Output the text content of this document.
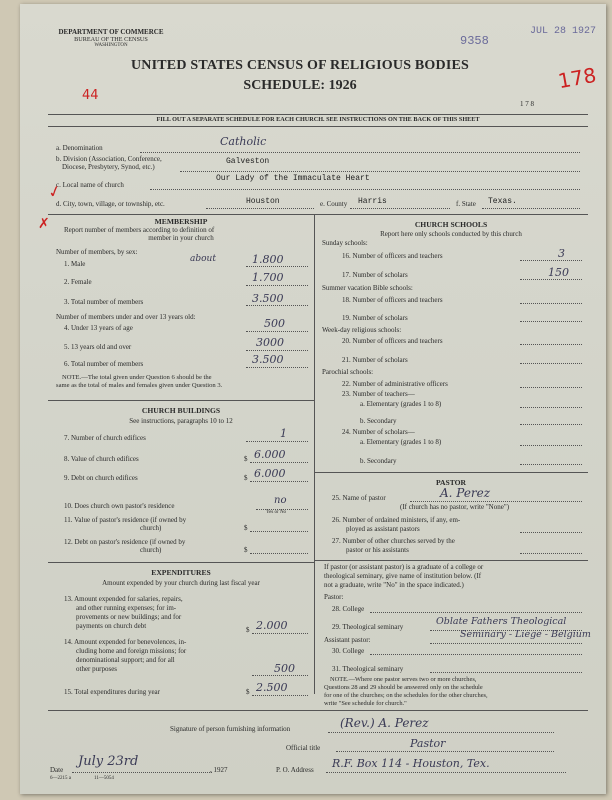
DEPARTMENT OF COMMERCE
BUREAU OF THE CENSUS
WASHINGTON
JUL 28 1927
9358
178
44
UNITED STATES CENSUS OF RELIGIOUS BODIES
SCHEDULE: 1926
1 7 8
FILL OUT A SEPARATE SCHEDULE FOR EACH CHURCH. SEE INSTRUCTIONS ON THE BACK OF THIS SHEET
a. Denomination	Catholic
b. Division (Association, Conference,
Diocese, Presbytery, Synod, etc.)
Galveston
c. Local name of church
Our Lady of the Immaculate Heart
✓
d. City, town, village, or township, etc.	Houston	e. County Harris	f. State Texas.
✗	MEMBERSHIP
Report number of members according to definition of
member in your church
Number of members, by sex:
1. Male	about	1.800
2. Female	1.700
3. Total number of members	3.500
Number of members under and over 13 years old:
4. Under 13 years of age	500
5. 13 years old and over	3000
6. Total number of members	3.500
NOTE.—The total given under Question 6 should be the
same as the total of males and females given under Question 3.
CHURCH BUILDINGS
See instructions, paragraphs 10 to 12
7. Number of church edifices	1
8. Value of church edifices	$ 6.000
9. Debt on church edifices	$ 6.000
10. Does church own pastor's residence	no
Yes or No
11. Value of pastor's residence (if owned by
church)	$
12. Debt on pastor's residence (if owned by
church)	$
EXPENDITURES
Amount expended by your church during last fiscal year
13. Amount expended for salaries, repairs,
and other running expenses; for im-
provements or new buildings; and for
payments on church debt	$ 2.000
14. Amount expended for benevolences, in-
cluding home and foreign missions; for
denominational support; and for all
other purposes	500
15. Total expenditures during year	$ 2.500
CHURCH SCHOOLS
Report here only schools conducted by this church
Sunday schools:
16. Number of officers and teachers	3
17. Number of scholars	150
Summer vacation Bible schools:
18. Number of officers and teachers
19. Number of scholars
Week-day religious schools:
20. Number of officers and teachers
21. Number of scholars
Parochial schools:
22. Number of administrative officers
23. Number of teachers—
a. Elementary (grades 1 to 8)
b. Secondary
24. Number of scholars—
a. Elementary (grades 1 to 8)
b. Secondary
PASTOR
25. Name of pastor	A. Perez
(If church has no pastor, write "None")
26. Number of ordained ministers, if any, em-
ployed as assistant pastors
27. Number of other churches served by the
pastor or his assistants
If pastor (or assistant pastor) is a graduate of a college or
theological seminary, give name of institution below. (If
not a graduate, write "No" in the space indicated.)
Pastor:
28. College
29. Theological seminary	Oblate Fathers Theological
Seminary - Liege - Belgium
Assistant pastor:
30. College
31. Theological seminary
NOTE.—Where one pastor serves two or more churches,
Questions 28 and 29 should be answered only on the schedule
for one of the churches; on the schedules for the other churches,
write "See schedule for church."
Signature of person furnishing information	(Rev.) A. Perez
Official title	Pastor
Date
July 23rd
, 1927
6—2215 a	11—5054
P. O. Address R.F. Box 114 - Houston, Tex.
